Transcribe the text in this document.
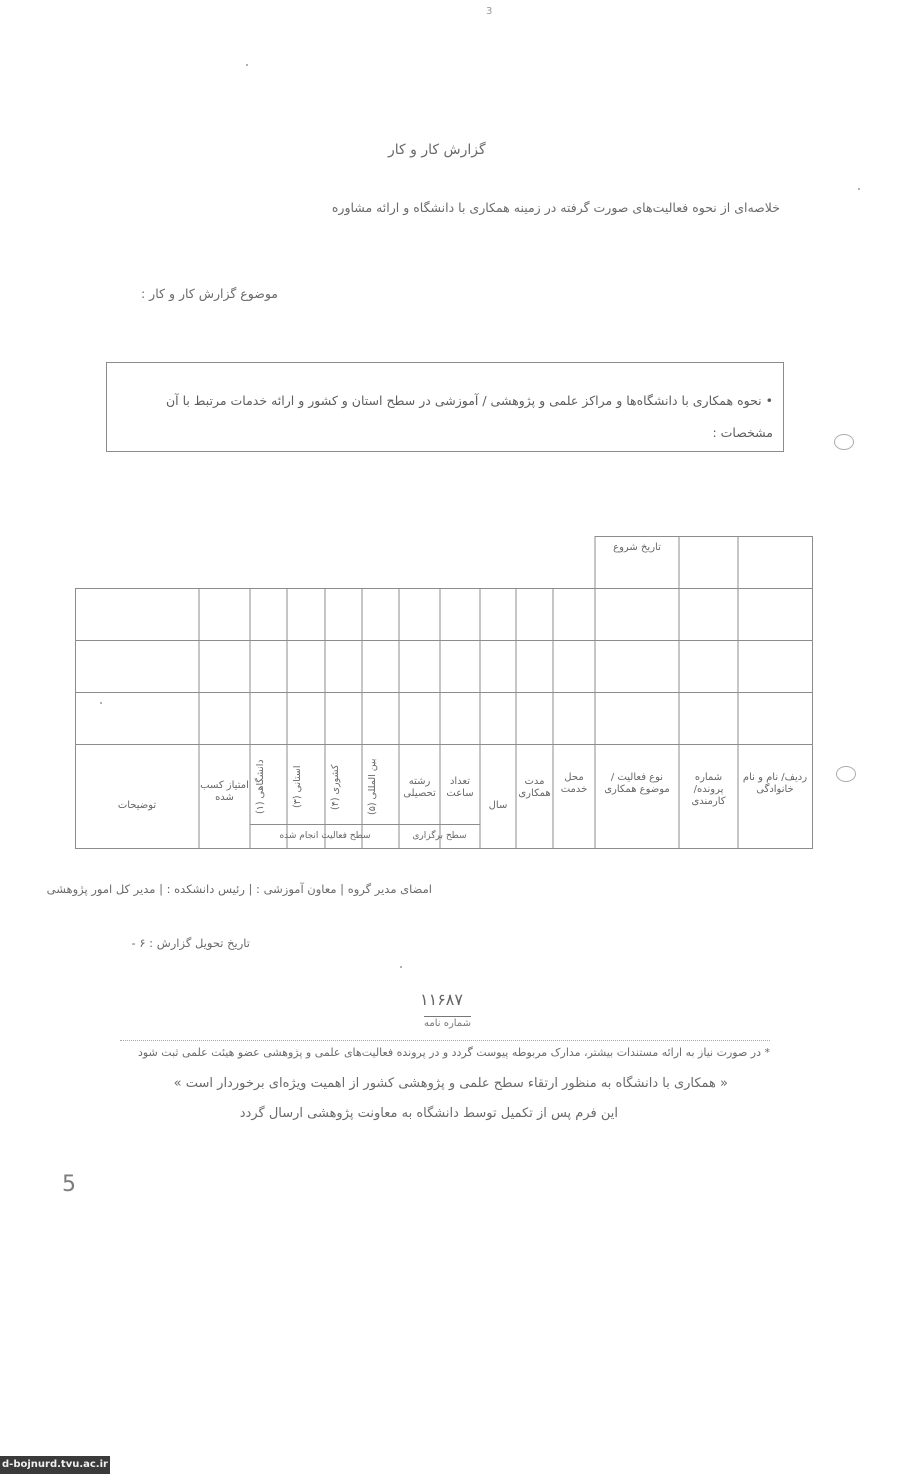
3
گزارش کار و کار
خلاصه‌ای از نحوه فعالیت‌های صورت گرفته در زمینه همکاری با دانشگاه و ارائه مشاوره
موضوع گزارش کار و کار :
• نحوه همکاری با دانشگاه‌ها و مراکز علمی و پژوهشی / آموزشی در سطح استان و کشور و ارائه خدمات مرتبط با آن
مشخصات :
تاریخ شروع
ردیف/ نام و نام خانوادگی
شماره پرونده/ کارمندی
نوع فعالیت / موضوع همکاری
محل خدمت
مدت همکاری
سال
تعداد ساعت
رشته تحصیلی
بین المللی (۵)
کشوری (۴)
استانی (۳)
دانشگاهی (۱)
امتیاز کسب شده
توضیحات
سطح فعالیت انجام شده	سطح برگزاری
امضای مدیر گروه | معاون آموزشی : | رئیس دانشکده : | مدیر کل امور پژوهشی
تاریخ تحویل گزارش : ۶ -
۱۱۶۸۷
شماره نامه
* در صورت نیاز به ارائه مستندات بیشتر، مدارک مربوطه پیوست گردد و در پرونده فعالیت‌های علمی و پژوهشی عضو هیئت علمی ثبت شود
« همکاری با دانشگاه به منظور ارتقاء سطح علمی و پژوهشی کشور از اهمیت ویژه‌ای برخوردار است »
این فرم پس از تکمیل توسط دانشگاه به معاونت پژوهشی ارسال گردد
5
d-bojnurd.tvu.ac.ir
